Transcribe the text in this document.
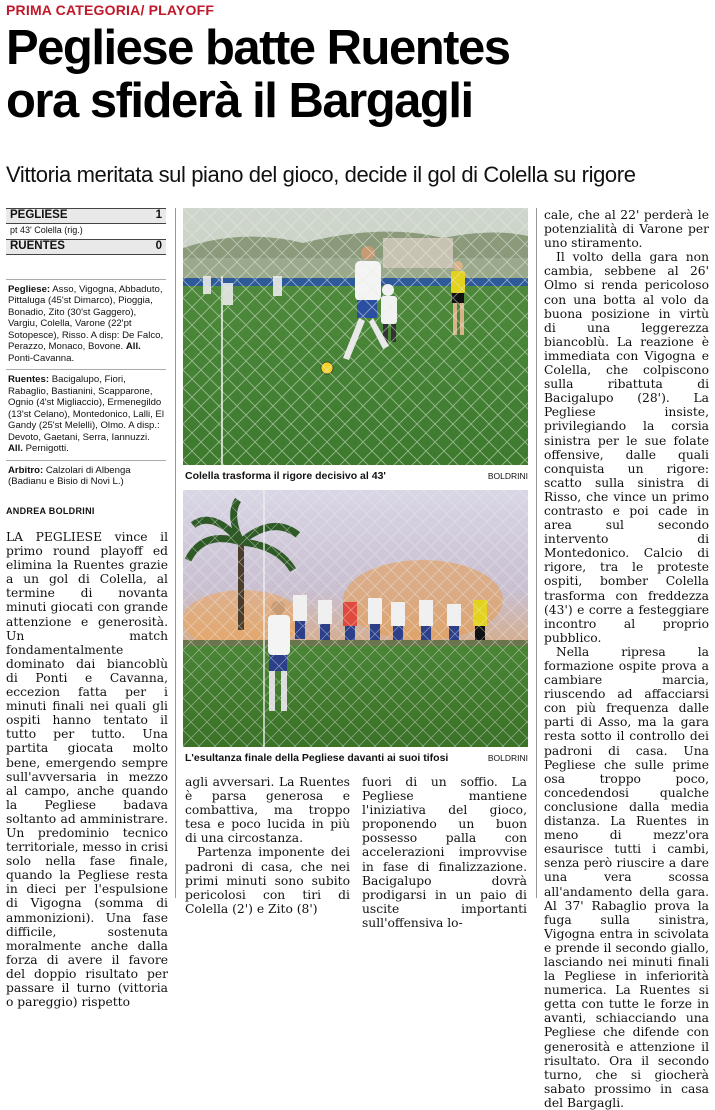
PRIMA CATEGORIA/ PLAYOFF
Pegliese batte Ruentes
ora sfiderà il Bargagli
Vittoria meritata sul piano del gioco, decide il gol di Colella su rigore
PEGLIESE	1
pt 43' Colella (rig.)
RUENTES	0
Pegliese: Asso, Vigogna, Abbaduto, Pittaluga (45'st Dimarco), Pioggia, Bonadio, Zito (30'st Gaggero), Vargiu, Colella, Varone (22'pt Sotopesce), Risso. A disp: De Falco, Perazzo, Monaco, Bovone. All. Ponti-Cavanna.
Ruentes: Bacigalupo, Fiori, Rabaglio, Bastianini, Scapparone, Ognio (4'st Migliaccio), Ermenegildo (13'st Celano), Montedonico, Lalli, El Gandy (25'st Melelli), Olmo. A disp.: Devoto, Gaetani, Serra, Iannuzzi. All. Pernigotti.
Arbitro: Calzolari di Albenga (Badianu e Bisio di Novi L.)
ANDREA BOLDRINI
Colella trasforma il rigore decisivo al 43'	BOLDRINI
L'esultanza finale della Pegliese davanti ai suoi tifosi	BOLDRINI

LA PEGLIESE vince il primo round playoff ed elimina la Ruentes grazie a un gol di Colella, al termine di novanta minuti giocati con grande attenzione e generosità. Un match fondamentalmente dominato dai biancoblù di Ponti e Cavanna, eccezion fatta per i minuti finali nei quali gli ospiti hanno tentato il tutto per tutto. Una partita giocata molto bene, emergendo sempre sull'avversaria in mezzo al campo, anche quando la Pegliese badava soltanto ad amministrare. Un predominio tecnico territoriale, messo in crisi solo nella fase finale, quando la Pegliese resta in dieci per l'espulsione di Vigogna (somma di ammonizioni). Una fase difficile, sostenuta moralmente anche dalla forza di avere il favore del doppio risultato per passare il turno (vittoria o pareggio) rispetto

agli avversari. La Ruentes è parsa generosa e combattiva, ma troppo tesa e poco lucida in più di una circostanza.

Partenza imponente dei padroni di casa, che nei primi minuti sono subito pericolosi con tiri di Colella (2') e Zito (8')

fuori di un soffio. La Pegliese mantiene l'iniziativa del gioco, proponendo un buon possesso palla con accelerazioni improvvise in fase di finalizzazione. Bacigalupo dovrà prodigarsi in un paio di uscite importanti sull'offensiva lo-

cale, che al 22' perderà le potenzialità di Varone per uno stiramento.

Il volto della gara non cambia, sebbene al 26' Olmo si renda pericoloso con una botta al volo da buona posizione in virtù di una leggerezza biancoblù. La reazione è immediata con Vigogna e Colella, che colpiscono sulla ribattuta di Bacigalupo (28'). La Pegliese insiste, privilegiando la corsia sinistra per le sue folate offensive, dalle quali conquista un rigore: scatto sulla sinistra di Risso, che vince un primo contrasto e poi cade in area sul secondo intervento di Montedonico. Calcio di rigore, tra le proteste ospiti, bomber Colella trasforma con freddezza (43') e corre a festeggiare incontro al proprio pubblico.

Nella ripresa la formazione ospite prova a cambiare marcia, riuscendo ad affacciarsi con più frequenza dalle parti di Asso, ma la gara resta sotto il controllo dei padroni di casa. Una Pegliese che sulle prime osa troppo poco, concedendosi qualche conclusione dalla media distanza. La Ruentes in meno di mezz'ora esaurisce tutti i cambi, senza però riuscire a dare una vera scossa all'andamento della gara. Al 37' Rabaglio prova la fuga sulla sinistra, Vigogna entra in scivolata e prende il secondo giallo, lasciando nei minuti finali la Pegliese in inferiorità numerica. La Ruentes si getta con tutte le forze in avanti, schiacciando una Pegliese che difende con generosità e attenzione il risultato. Ora il secondo turno, che si giocherà sabato prossimo in casa del Bargagli.
